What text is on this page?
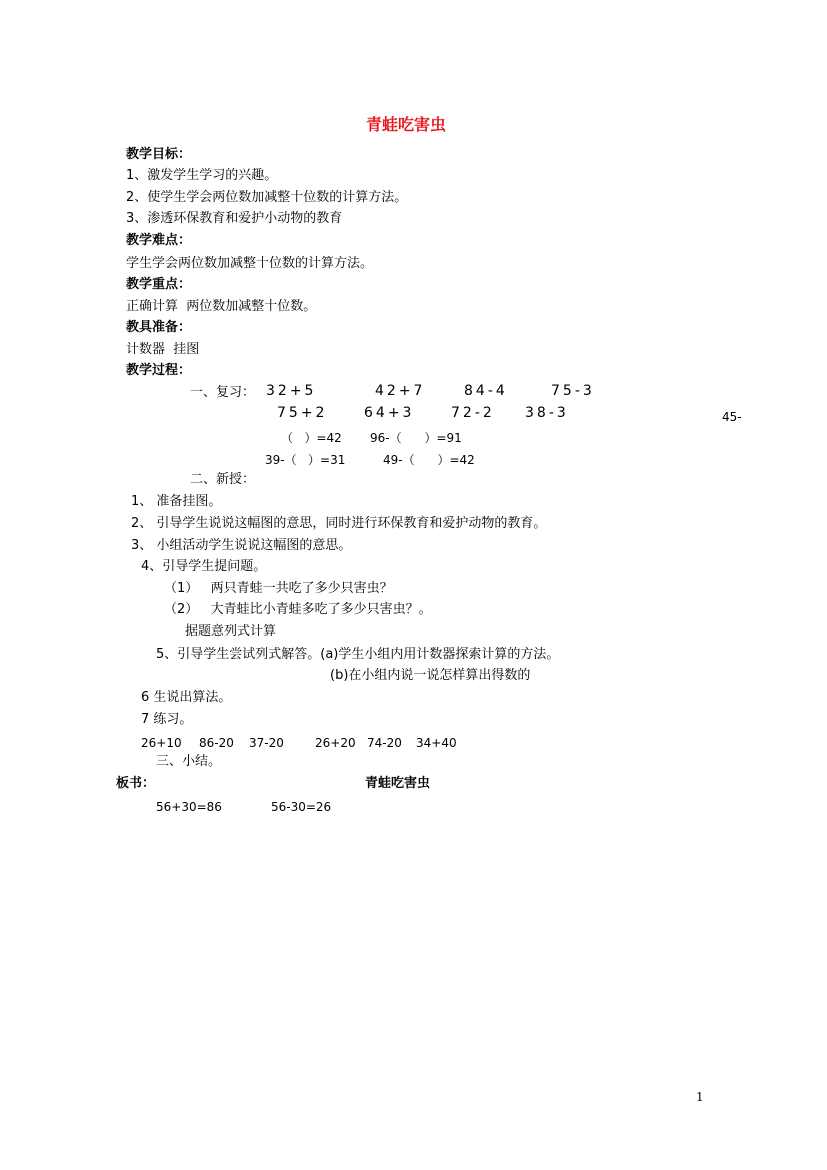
青蛙吃害虫
教学目标：
1、激发学生学习的兴趣。
2、使学生学会两位数加减整十位数的计算方法。
3、渗透环保教育和爱护小动物的教育
教学难点：
学生学会两位数加减整十位数的计算方法。
教学重点：
正确计算  两位数加减整十位数。
教具准备：
计数器  挂图
教学过程：
一、复习： 32+5	42+7	84-4	75-3
75+2	64+3	72-2 38-3	45-
（   ）=42 96-（      ）=91
39-（   ）=31	49-（      ）=42
二、新授：
1、 准备挂图。
2、 引导学生说说这幅图的意思，同时进行环保教育和爱护动物的教育。
3、 小组活动学生说说这幅图的意思。
4、引导学生提问题。
（1）   两只青蛙一共吃了多少只害虫？
（2）   大青蛙比小青蛙多吃了多少只害虫？。
据题意列式计算
5、引导学生尝试列式解答。(a)学生小组内用计数器探索计算的方法。
(b)在小组内说一说怎样算出得数的
6 生说出算法。
7 练习。
26+10 86-20 37-20	26+20 74-20 34+40
三、小结。
板书：	青蛙吃害虫
56+30=86	56-30=26
1
